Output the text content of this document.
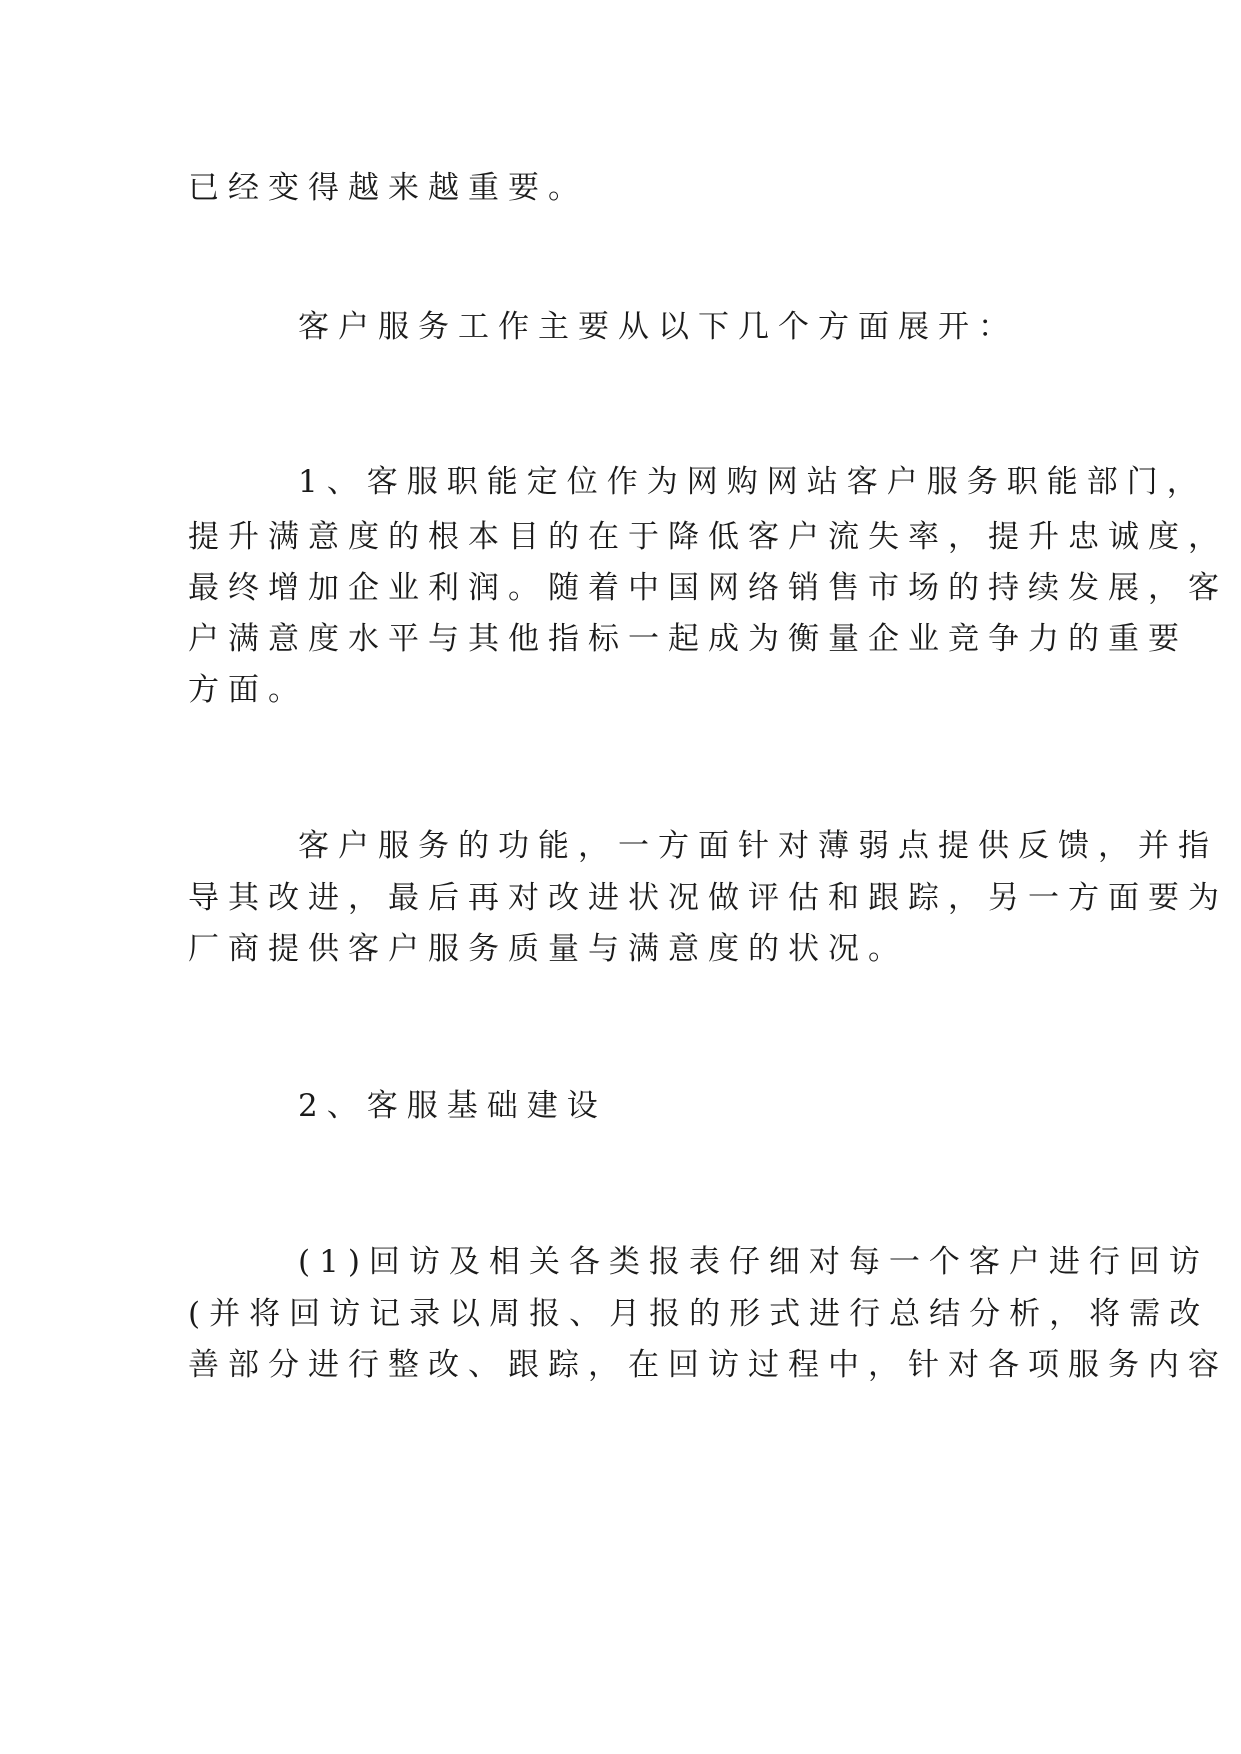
已经变得越来越重要。

客户服务工作主要从以下几个方面展开：

1、客服职能定位作为网购网站客户服务职能部门，

提升满意度的根本目的在于降低客户流失率，提升忠诚度，

最终增加企业利润。随着中国网络销售市场的持续发展，客

户满意度水平与其他指标一起成为衡量企业竞争力的重要

方面。

客户服务的功能，一方面针对薄弱点提供反馈，并指

导其改进，最后再对改进状况做评估和跟踪，另一方面要为

厂商提供客户服务质量与满意度的状况。

2、客服基础建设

(1)回访及相关各类报表仔细对每一个客户进行回访

(并将回访记录以周报、月报的形式进行总结分析，将需改

善部分进行整改、跟踪，在回访过程中，针对各项服务内容
